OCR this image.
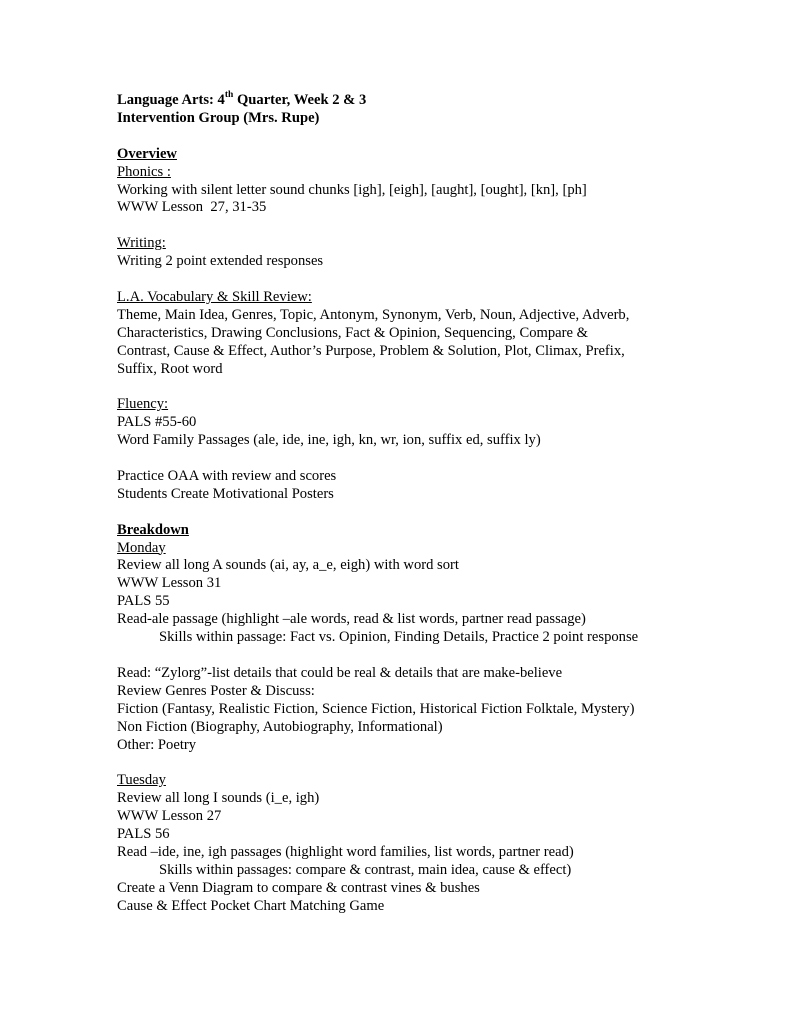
Language Arts: 4th Quarter, Week 2 & 3
Intervention Group (Mrs. Rupe)
Overview
Phonics :
Working with silent letter sound chunks [igh], [eigh], [aught], [ought], [kn], [ph]
WWW Lesson  27, 31-35
Writing:
Writing 2 point extended responses
L.A. Vocabulary & Skill Review:
Theme, Main Idea, Genres, Topic, Antonym, Synonym, Verb, Noun, Adjective, Adverb,
Characteristics, Drawing Conclusions, Fact & Opinion, Sequencing, Compare &
Contrast, Cause & Effect, Author’s Purpose, Problem & Solution, Plot, Climax, Prefix,
Suffix, Root word
Fluency:
PALS #55-60
Word Family Passages (ale, ide, ine, igh, kn, wr, ion, suffix ed, suffix ly)
Practice OAA with review and scores
Students Create Motivational Posters
Breakdown
Monday
Review all long A sounds (ai, ay, a_e, eigh) with word sort
WWW Lesson 31
PALS 55
Read-ale passage (highlight –ale words, read & list words, partner read passage)
Skills within passage: Fact vs. Opinion, Finding Details, Practice 2 point response
Read: “Zylorg”-list details that could be real & details that are make-believe
Review Genres Poster & Discuss:
Fiction (Fantasy, Realistic Fiction, Science Fiction, Historical Fiction Folktale, Mystery)
Non Fiction (Biography, Autobiography, Informational)
Other: Poetry
Tuesday
Review all long I sounds (i_e, igh)
WWW Lesson 27
PALS 56
Read –ide, ine, igh passages (highlight word families, list words, partner read)
Skills within passages: compare & contrast, main idea, cause & effect)
Create a Venn Diagram to compare & contrast vines & bushes
Cause & Effect Pocket Chart Matching Game
